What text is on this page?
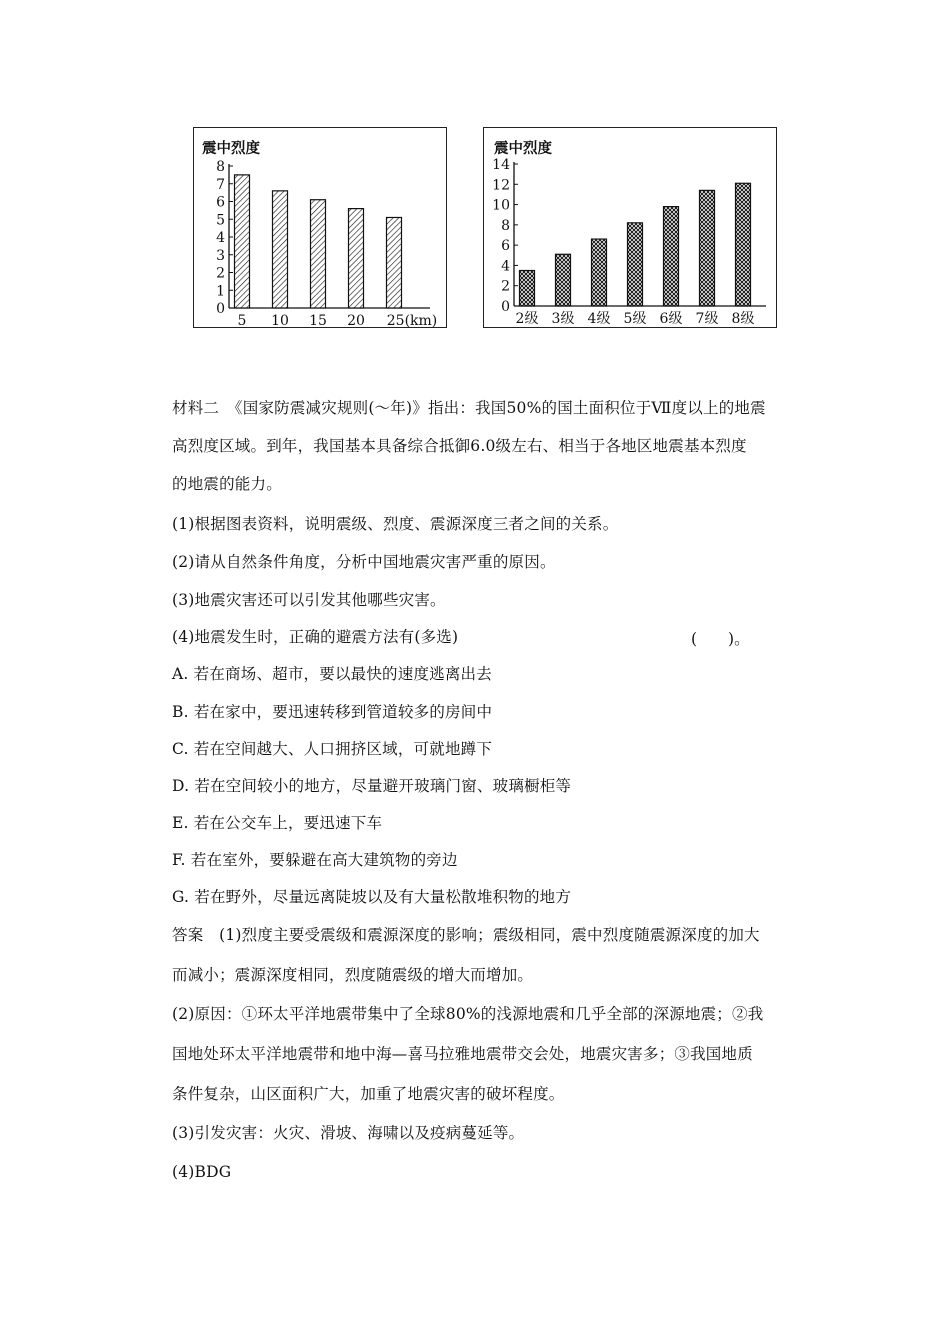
震中烈度
0
1
2
3
4
5
6
7
8
5 10 15 20 25(km)
震中烈度
0
2
4
6
8
10
12
14
2级 3级 4级 5级 6级 7级 8级
材料二　《国家防震减灾规则(～年)》指出：我国50%的国土面积位于Ⅶ度以上的地震
高烈度区域。到年，我国基本具备综合抵御6.0级左右、相当于各地区地震基本烈度
的地震的能力。
(1)根据图表资料，说明震级、烈度、震源深度三者之间的关系。
(2)请从自然条件角度，分析中国地震灾害严重的原因。
(3)地震灾害还可以引发其他哪些灾害。
(4)地震发生时，正确的避震方法有(多选)	(　　)。
A. 若在商场、超市，要以最快的速度逃离出去
B. 若在家中，要迅速转移到管道较多的房间中
C. 若在空间越大、人口拥挤区域，可就地蹲下
D. 若在空间较小的地方，尽量避开玻璃门窗、玻璃橱柜等
E. 若在公交车上，要迅速下车
F. 若在室外，要躲避在高大建筑物的旁边
G. 若在野外，尽量远离陡坡以及有大量松散堆积物的地方
答案　(1)烈度主要受震级和震源深度的影响；震级相同，震中烈度随震源深度的加大
而减小；震源深度相同，烈度随震级的增大而增加。
(2)原因：①环太平洋地震带集中了全球80%的浅源地震和几乎全部的深源地震；②我
国地处环太平洋地震带和地中海—喜马拉雅地震带交会处，地震灾害多；③我国地质
条件复杂，山区面积广大，加重了地震灾害的破坏程度。
(3)引发灾害：火灾、滑坡、海啸以及疫病蔓延等。
(4)BDG
